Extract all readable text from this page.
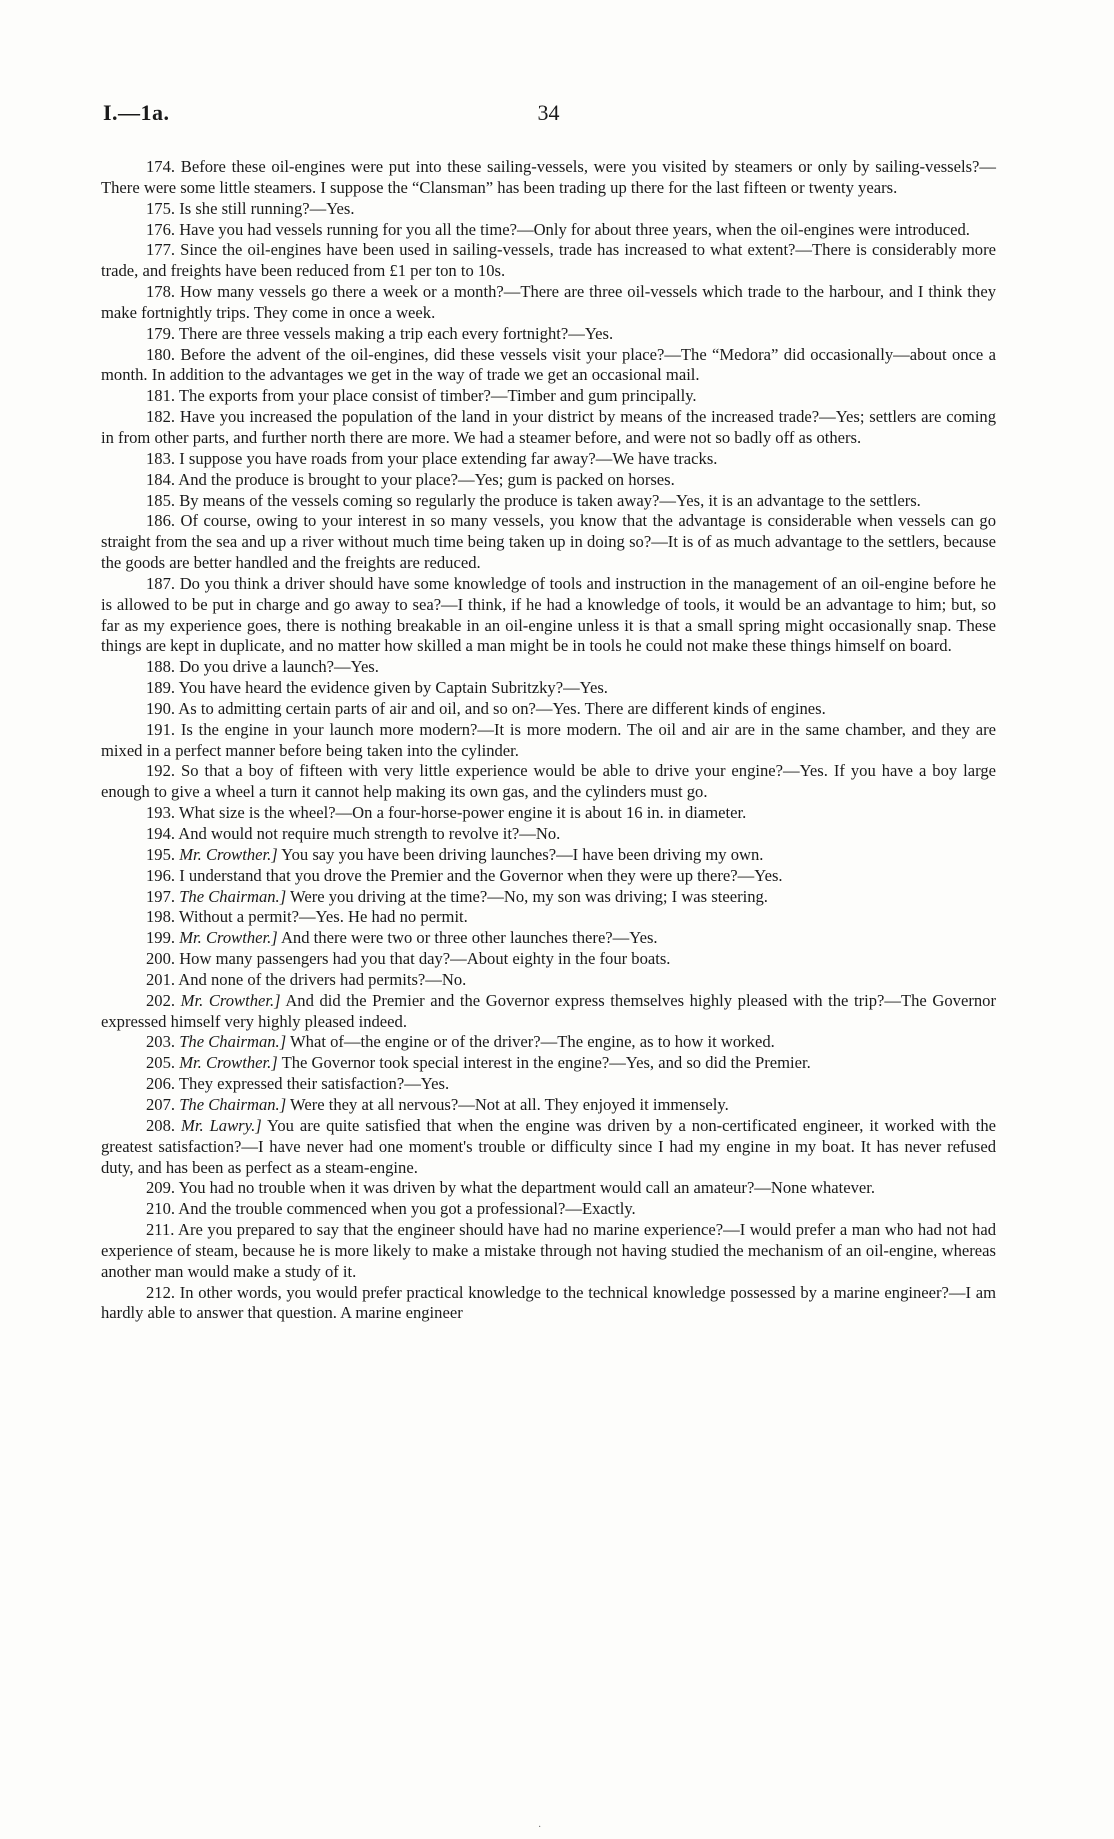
I.—1a.	34

174. Before these oil-engines were put into these sailing-vessels, were you visited by steamers or only by sailing-vessels?—There were some little steamers. I suppose the “Clansman” has been trading up there for the last fifteen or twenty years.

175. Is she still running?—Yes.

176. Have you had vessels running for you all the time?—Only for about three years, when the oil-engines were introduced.

177. Since the oil-engines have been used in sailing-vessels, trade has increased to what extent?—There is considerably more trade, and freights have been reduced from £1 per ton to 10s.

178. How many vessels go there a week or a month?—There are three oil-vessels which trade to the harbour, and I think they make fortnightly trips. They come in once a week.

179. There are three vessels making a trip each every fortnight?—Yes.

180. Before the advent of the oil-engines, did these vessels visit your place?—The “Medora” did occasionally—about once a month. In addition to the advantages we get in the way of trade we get an occasional mail.

181. The exports from your place consist of timber?—Timber and gum principally.

182. Have you increased the population of the land in your district by means of the increased trade?—Yes; settlers are coming in from other parts, and further north there are more. We had a steamer before, and were not so badly off as others.

183. I suppose you have roads from your place extending far away?—We have tracks.

184. And the produce is brought to your place?—Yes; gum is packed on horses.

185. By means of the vessels coming so regularly the produce is taken away?—Yes, it is an advantage to the settlers.

186. Of course, owing to your interest in so many vessels, you know that the advantage is considerable when vessels can go straight from the sea and up a river without much time being taken up in doing so?—It is of as much advantage to the settlers, because the goods are better handled and the freights are reduced.

187. Do you think a driver should have some knowledge of tools and instruction in the management of an oil-engine before he is allowed to be put in charge and go away to sea?—I think, if he had a knowledge of tools, it would be an advantage to him; but, so far as my experience goes, there is nothing breakable in an oil-engine unless it is that a small spring might occasionally snap. These things are kept in duplicate, and no matter how skilled a man might be in tools he could not make these things himself on board.

188. Do you drive a launch?—Yes.

189. You have heard the evidence given by Captain Subritzky?—Yes.

190. As to admitting certain parts of air and oil, and so on?—Yes. There are different kinds of engines.

191. Is the engine in your launch more modern?—It is more modern. The oil and air are in the same chamber, and they are mixed in a perfect manner before being taken into the cylinder.

192. So that a boy of fifteen with very little experience would be able to drive your engine?—Yes. If you have a boy large enough to give a wheel a turn it cannot help making its own gas, and the cylinders must go.

193. What size is the wheel?—On a four-horse-power engine it is about 16 in. in diameter.

194. And would not require much strength to revolve it?—No.

195. Mr. Crowther.] You say you have been driving launches?—I have been driving my own.

196. I understand that you drove the Premier and the Governor when they were up there?—Yes.

197. The Chairman.] Were you driving at the time?—No, my son was driving; I was steering.

198. Without a permit?—Yes. He had no permit.

199. Mr. Crowther.] And there were two or three other launches there?—Yes.

200. How many passengers had you that day?—About eighty in the four boats.

201. And none of the drivers had permits?—No.

202. Mr. Crowther.] And did the Premier and the Governor express themselves highly pleased with the trip?—The Governor expressed himself very highly pleased indeed.

203. The Chairman.] What of—the engine or of the driver?—The engine, as to how it worked.

205. Mr. Crowther.] The Governor took special interest in the engine?—Yes, and so did the Premier.

206. They expressed their satisfaction?—Yes.

207. The Chairman.] Were they at all nervous?—Not at all. They enjoyed it immensely.

208. Mr. Lawry.] You are quite satisfied that when the engine was driven by a non-certificated engineer, it worked with the greatest satisfaction?—I have never had one moment's trouble or difficulty since I had my engine in my boat. It has never refused duty, and has been as perfect as a steam-engine.

209. You had no trouble when it was driven by what the department would call an amateur?—None whatever.

210. And the trouble commenced when you got a professional?—Exactly.

211. Are you prepared to say that the engineer should have had no marine experience?—I would prefer a man who had not had experience of steam, because he is more likely to make a mistake through not having studied the mechanism of an oil-engine, whereas another man would make a study of it.

212. In other words, you would prefer practical knowledge to the technical knowledge possessed by a marine engineer?—I am hardly able to answer that question. A marine engineer

·
